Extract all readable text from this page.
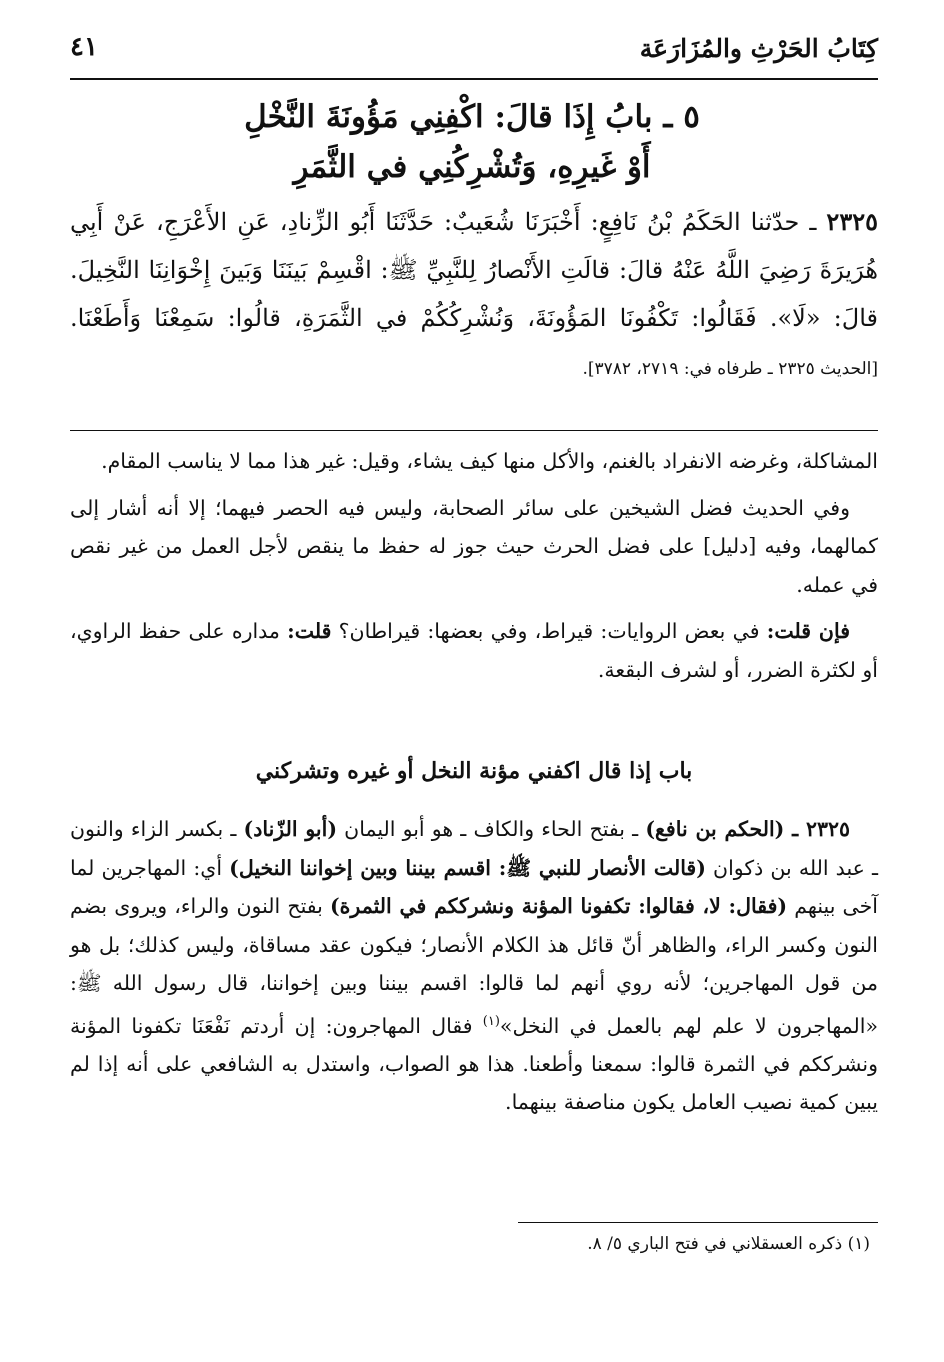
كِتَابُ الحَرْثِ والمُزَارَعَة
٤١
٥ ـ بابُ إِذَا قالَ: اكْفِنِي مَؤُونَةَ النَّخْلِ
أَوْ غَيرِهِ، وَتُشْرِكُنِي في الثَّمَرِ
٢٣٢٥ ـ حدّثنا الحَكَمُ بْنُ نَافِعٍ: أَخْبَرَنَا شُعَيبٌ: حَدَّثَنَا أَبُو الزِّنادِ، عَنِ الأَعْرَجِ، عَنْ أَبِي هُرَيرَةَ رَضِيَ اللَّهُ عَنْهُ قالَ: قالَتِ الأَنْصارُ لِلنَّبِيِّ ﷺ: اقْسِمْ بَينَنَا وَبَينَ إِخْوَانِنَا النَّخِيلَ. قالَ: «لَا». فَقَالُوا: تَكْفُونَا المَؤُونَةَ، وَنُشْرِكُكُمْ في الثَّمَرَةِ، قالُوا: سَمِعْنَا وَأَطَعْنَا. [الحديث ٢٣٢٥ ـ طرفاه في: ٢٧١٩، ٣٧٨٢].

المشاكلة، وغرضه الانفراد بالغنم، والأكل منها كيف يشاء، وقيل: غير هذا مما لا يناسب المقام.

وفي الحديث فضل الشيخين على سائر الصحابة، وليس فيه الحصر فيهما؛ إلا أنه أشار إلى كمالهما، وفيه [دليل] على فضل الحرث حيث جوز له حفظ ما ينقص لأجل العمل من غير نقص في عمله.

فإن قلت: في بعض الروايات: قيراط، وفي بعضها: قيراطان؟ قلت: مداره على حفظ الراوي، أو لكثرة الضرر، أو لشرف البقعة.

باب إذا قال اكفني مؤنة النخل أو غيره وتشركني

٢٣٢٥ ـ (الحكم بن نافع) ـ بفتح الحاء والكاف ـ هو أبو اليمان (أبو الزّناد) ـ بكسر الزاء والنون ـ عبد الله بن ذكوان (قالت الأنصار للنبي ﷺ: اقسم بيننا وبين إخواننا النخيل) أي: المهاجرين لما آخى بينهم (فقال: لا، فقالوا: تكفونا المؤنة ونشرككم في الثمرة) بفتح النون والراء، ويروى بضم النون وكسر الراء، والظاهر أنّ قائل هذ الكلام الأنصار؛ فيكون عقد مساقاة، وليس كذلك؛ بل هو من قول المهاجرين؛ لأنه روي أنهم لما قالوا: اقسم بيننا وبين إخواننا، قال رسول الله ﷺ: «المهاجرون لا علم لهم بالعمل في النخل»$^{(١)}$ فقال المهاجرون: إن أردتم نَفْعَنَا تكفونا المؤنة ونشرككم في الثمرة قالوا: سمعنا وأطعنا. هذا هو الصواب، واستدل به الشافعي على أنه إذا لم يبين كمية نصيب العامل يكون مناصفة بينهما.

(١) ذكره العسقلاني في فتح الباري ٥/ ٨.
